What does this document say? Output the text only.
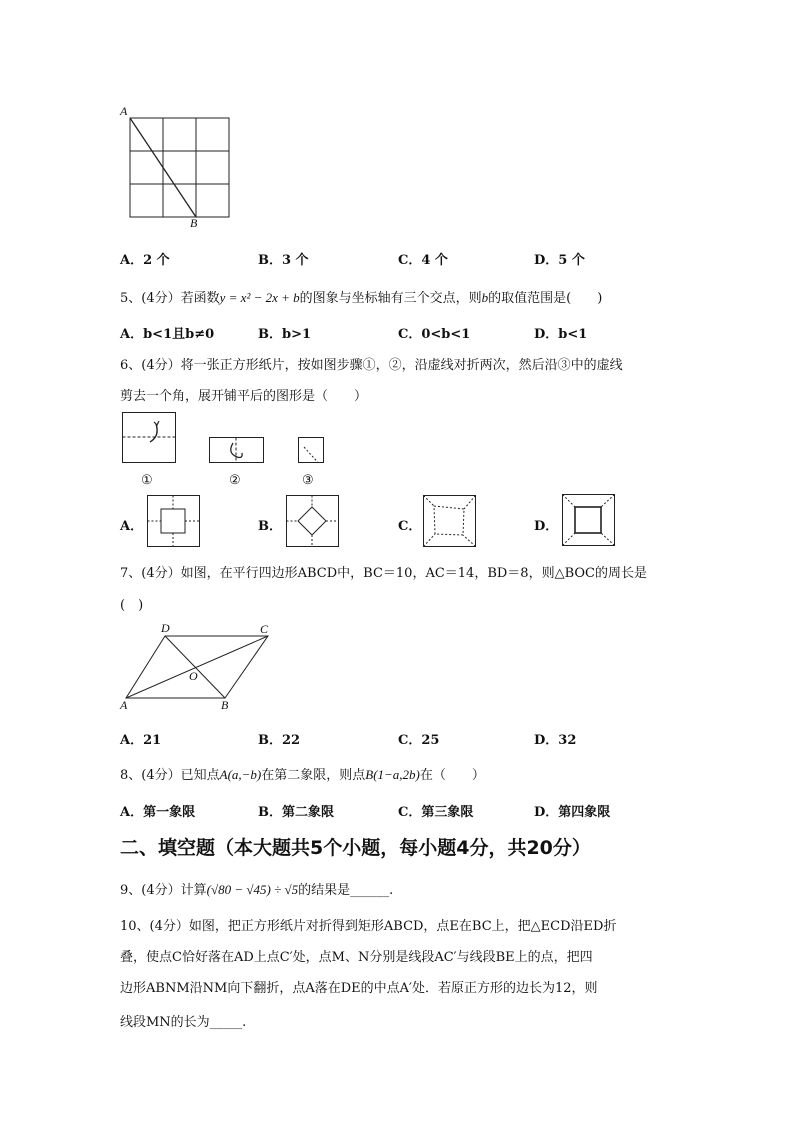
A
B
A．2 个	B．3 个	C．4 个	D．5 个
5、(4分）若函数y = x² − 2x + b的图象与坐标轴有三个交点，则b的取值范围是(　　)
A．b<1且b≠0	B．b>1	C．0<b<1	D．b<1
6、(4分）将一张正方形纸片，按如图步骤①，②，沿虚线对折两次，然后沿③中的虚线
剪去一个角，展开铺平后的图形是（　　）
①	②	③
A．	B．	C．	D．
7、(4分）如图，在平行四边形ABCD中，BC＝10，AC＝14，BD＝8，则△BOC的周长是
(　)
D	C
O
A	B
A．21	B．22	C．25	D．32
8、(4分）已知点A(a,−b)在第二象限，则点B(1−a,2b)在（　　）
A．第一象限	B．第二象限	C．第三象限	D．第四象限
二、填空题（本大题共5个小题，每小题4分，共20分）
9、(4分）计算(√80 − √45) ÷ √5的结果是______.
10、(4分）如图，把正方形纸片对折得到矩形ABCD，点E在BC上，把△ECD沿ED折
叠，使点C恰好落在AD上点C′处，点M、N分别是线段AC′与线段BE上的点，把四
边形ABNM沿NM向下翻折，点A落在DE的中点A′处．若原正方形的边长为12，则
线段MN的长为_____.
